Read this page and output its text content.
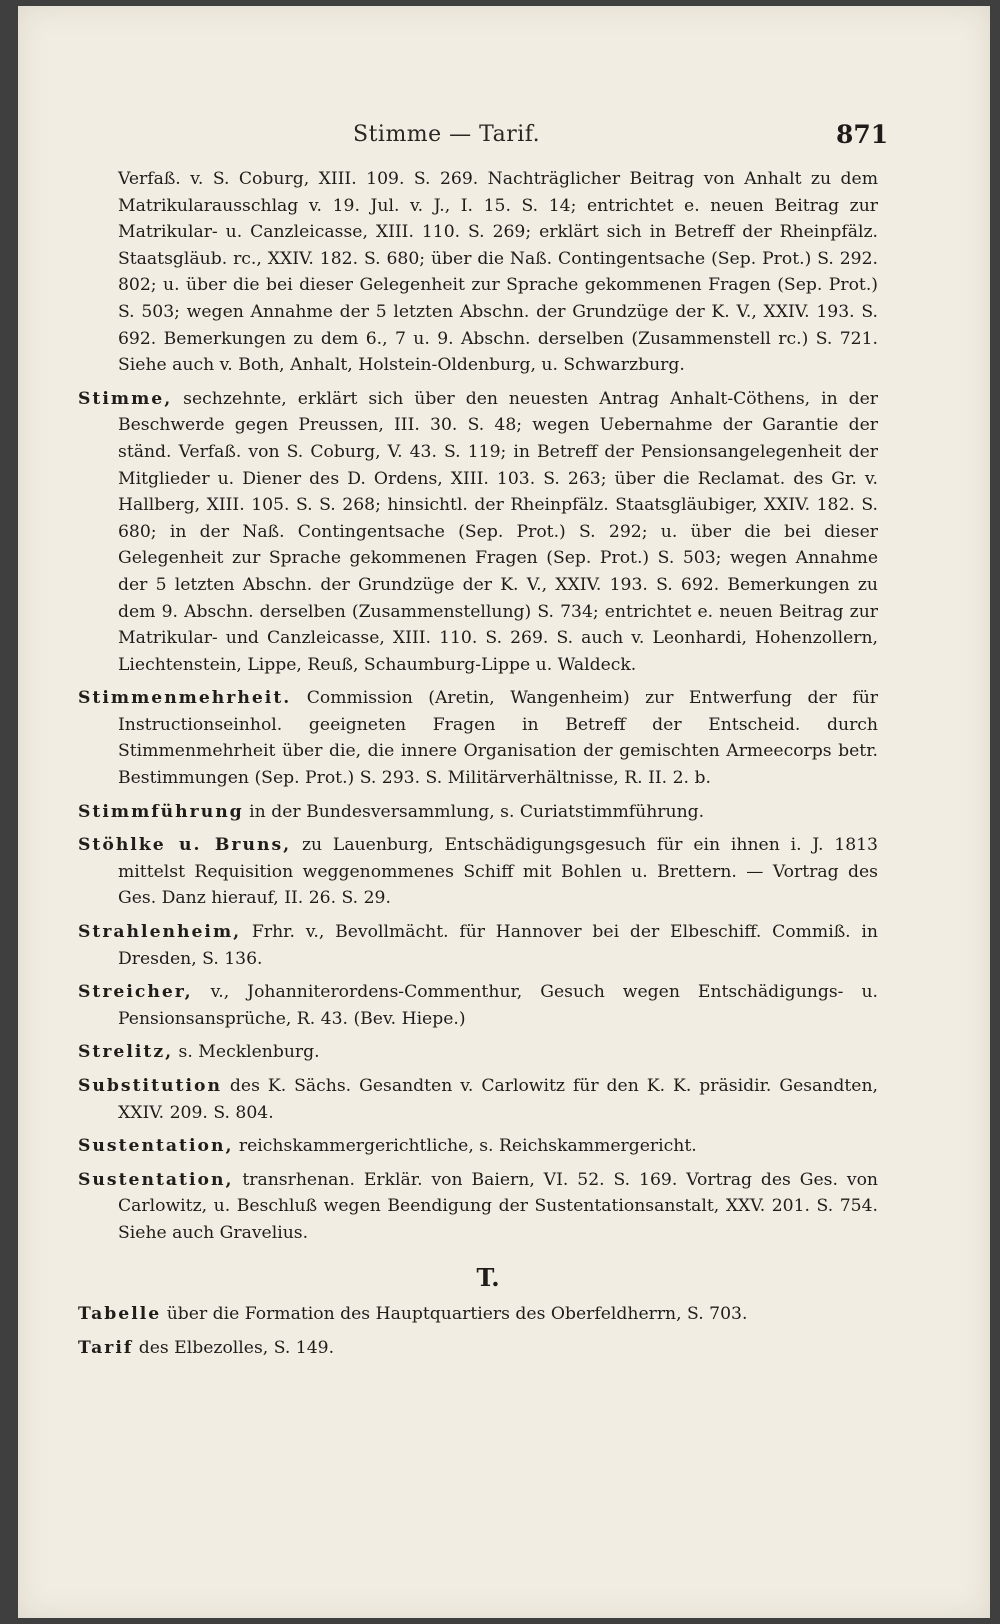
Stimme — Tarif.	871

Verfaß. v. S. Coburg, XIII. 109. S. 269. Nachträglicher Beitrag von Anhalt zu dem Matrikularausschlag v. 19. Jul. v. J., I. 15. S. 14; entrichtet e. neuen Beitrag zur Matrikular- u. Canzleicasse, XIII. 110. S. 269; erklärt sich in Betreff der Rheinpfälz. Staatsgläub. rc., XXIV. 182. S. 680; über die Naß. Contingentsache (Sep. Prot.) S. 292. 802; u. über die bei dieser Gelegenheit zur Sprache gekommenen Fragen (Sep. Prot.) S. 503; wegen Annahme der 5 letzten Abschn. der Grundzüge der K. V., XXIV. 193. S. 692. Bemerkungen zu dem 6., 7 u. 9. Abschn. derselben (Zusammenstell rc.) S. 721. Siehe auch v. Both, Anhalt, Holstein-Oldenburg, u. Schwarzburg.

Stimme, sechzehnte, erklärt sich über den neuesten Antrag Anhalt-Cöthens, in der Beschwerde gegen Preussen, III. 30. S. 48; wegen Uebernahme der Garantie der ständ. Verfaß. von S. Coburg, V. 43. S. 119; in Betreff der Pensionsangelegenheit der Mitglieder u. Diener des D. Ordens, XIII. 103. S. 263; über die Reclamat. des Gr. v. Hallberg, XIII. 105. S. S. 268; hinsichtl. der Rheinpfälz. Staatsgläubiger, XXIV. 182. S. 680; in der Naß. Contingentsache (Sep. Prot.) S. 292; u. über die bei dieser Gelegenheit zur Sprache gekommenen Fragen (Sep. Prot.) S. 503; wegen Annahme der 5 letzten Abschn. der Grundzüge der K. V., XXIV. 193. S. 692. Bemerkungen zu dem 9. Abschn. derselben (Zusammenstellung) S. 734; entrichtet e. neuen Beitrag zur Matrikular- und Canzleicasse, XIII. 110. S. 269. S. auch v. Leonhardi, Hohenzollern, Liechtenstein, Lippe, Reuß, Schaumburg-Lippe u. Waldeck.

Stimmenmehrheit. Commission (Aretin, Wangenheim) zur Entwerfung der für Instructionseinhol. geeigneten Fragen in Betreff der Entscheid. durch Stimmenmehrheit über die, die innere Organisation der gemischten Armeecorps betr. Bestimmungen (Sep. Prot.) S. 293. S. Militärverhältnisse, R. II. 2. b.

Stimmführung in der Bundesversammlung, s. Curiatstimmführung.

Stöhlke u. Bruns, zu Lauenburg, Entschädigungsgesuch für ein ihnen i. J. 1813 mittelst Requisition weggenommenes Schiff mit Bohlen u. Brettern. — Vortrag des Ges. Danz hierauf, II. 26. S. 29.

Strahlenheim, Frhr. v., Bevollmächt. für Hannover bei der Elbeschiff. Commiß. in Dresden, S. 136.

Streicher, v., Johanniterordens-Commenthur, Gesuch wegen Entschädigungs- u. Pensionsansprüche, R. 43. (Bev. Hiepe.)

Strelitz, s. Mecklenburg.

Substitution des K. Sächs. Gesandten v. Carlowitz für den K. K. präsidir. Gesandten, XXIV. 209. S. 804.

Sustentation, reichskammergerichtliche, s. Reichskammergericht.

Sustentation, transrhenan. Erklär. von Baiern, VI. 52. S. 169. Vortrag des Ges. von Carlowitz, u. Beschluß wegen Beendigung der Sustentationsanstalt, XXV. 201. S. 754. Siehe auch Gravelius.

T.

Tabelle über die Formation des Hauptquartiers des Oberfeldherrn, S. 703.

Tarif des Elbezolles, S. 149.
